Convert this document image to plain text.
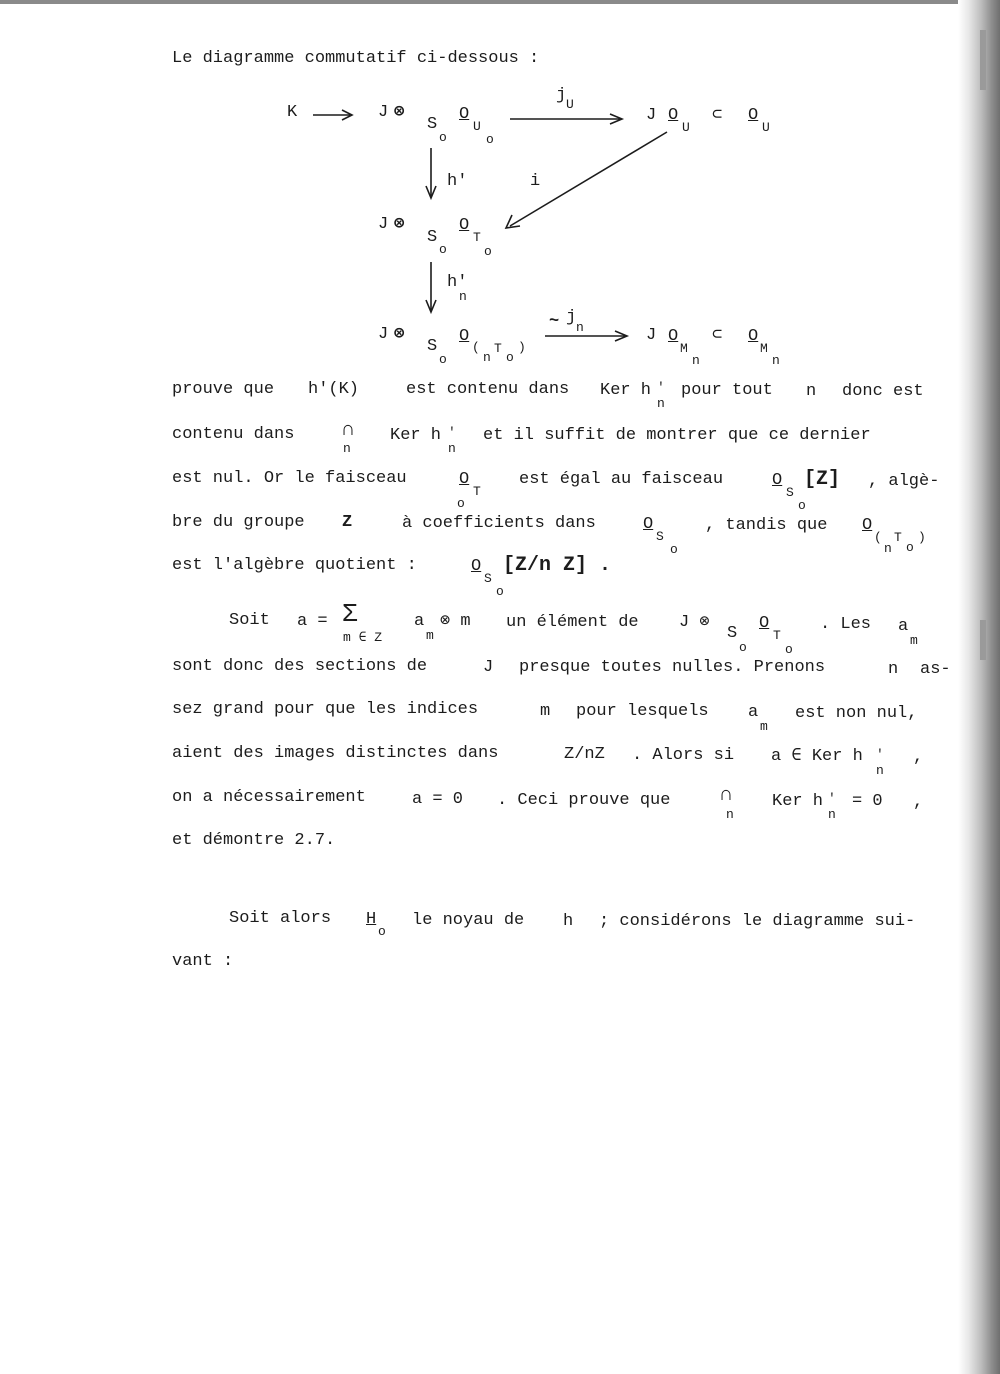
Le diagramme commutatif ci-dessous :
K	J ⊗
S
o
O
U
o
j U
J O
U
⊂ O
U
h'	i
J ⊗
S
o
O
T
o
h'
n
J ⊗
S
o
O
(
n
T
o
)
~ j
n	J O
M
n
⊂ O
M
n
prouve que h'(K)	est contenu dans Ker h '
n
pour tout n donc est
contenu dans ∩
n
Ker h '
n
et il suffit de montrer que ce dernier
est nul. Or le faisceau	O
T
o
est égal au faisceau	O
S
o
[Z] , algè-
bre du groupe Z	à coefficients dans	O
S
o
, tandis que O
(
n
T
o
)
est l'algèbre quotient :	O
S
o
[Z/n Z] .
Soit a = Σ
m ∈ Z
a
m
⊗ m un élément de J ⊗
S
o
O
T
o
. Les a
m
sont donc des sections de	J presque toutes nulles. Prenons	n as-
sez grand pour que les indices	m pour lesquels a
m
est non nul,
aient des images distinctes dans	Z/nZ . Alors si a ∈ Ker h '
n
,
on a nécessairement	a = 0 . Ceci prouve que ∩
n
Ker h '
n
= 0 ,
et démontre 2.7.
Soit alors H
o
le noyau de h ; considérons le diagramme sui-
vant :
